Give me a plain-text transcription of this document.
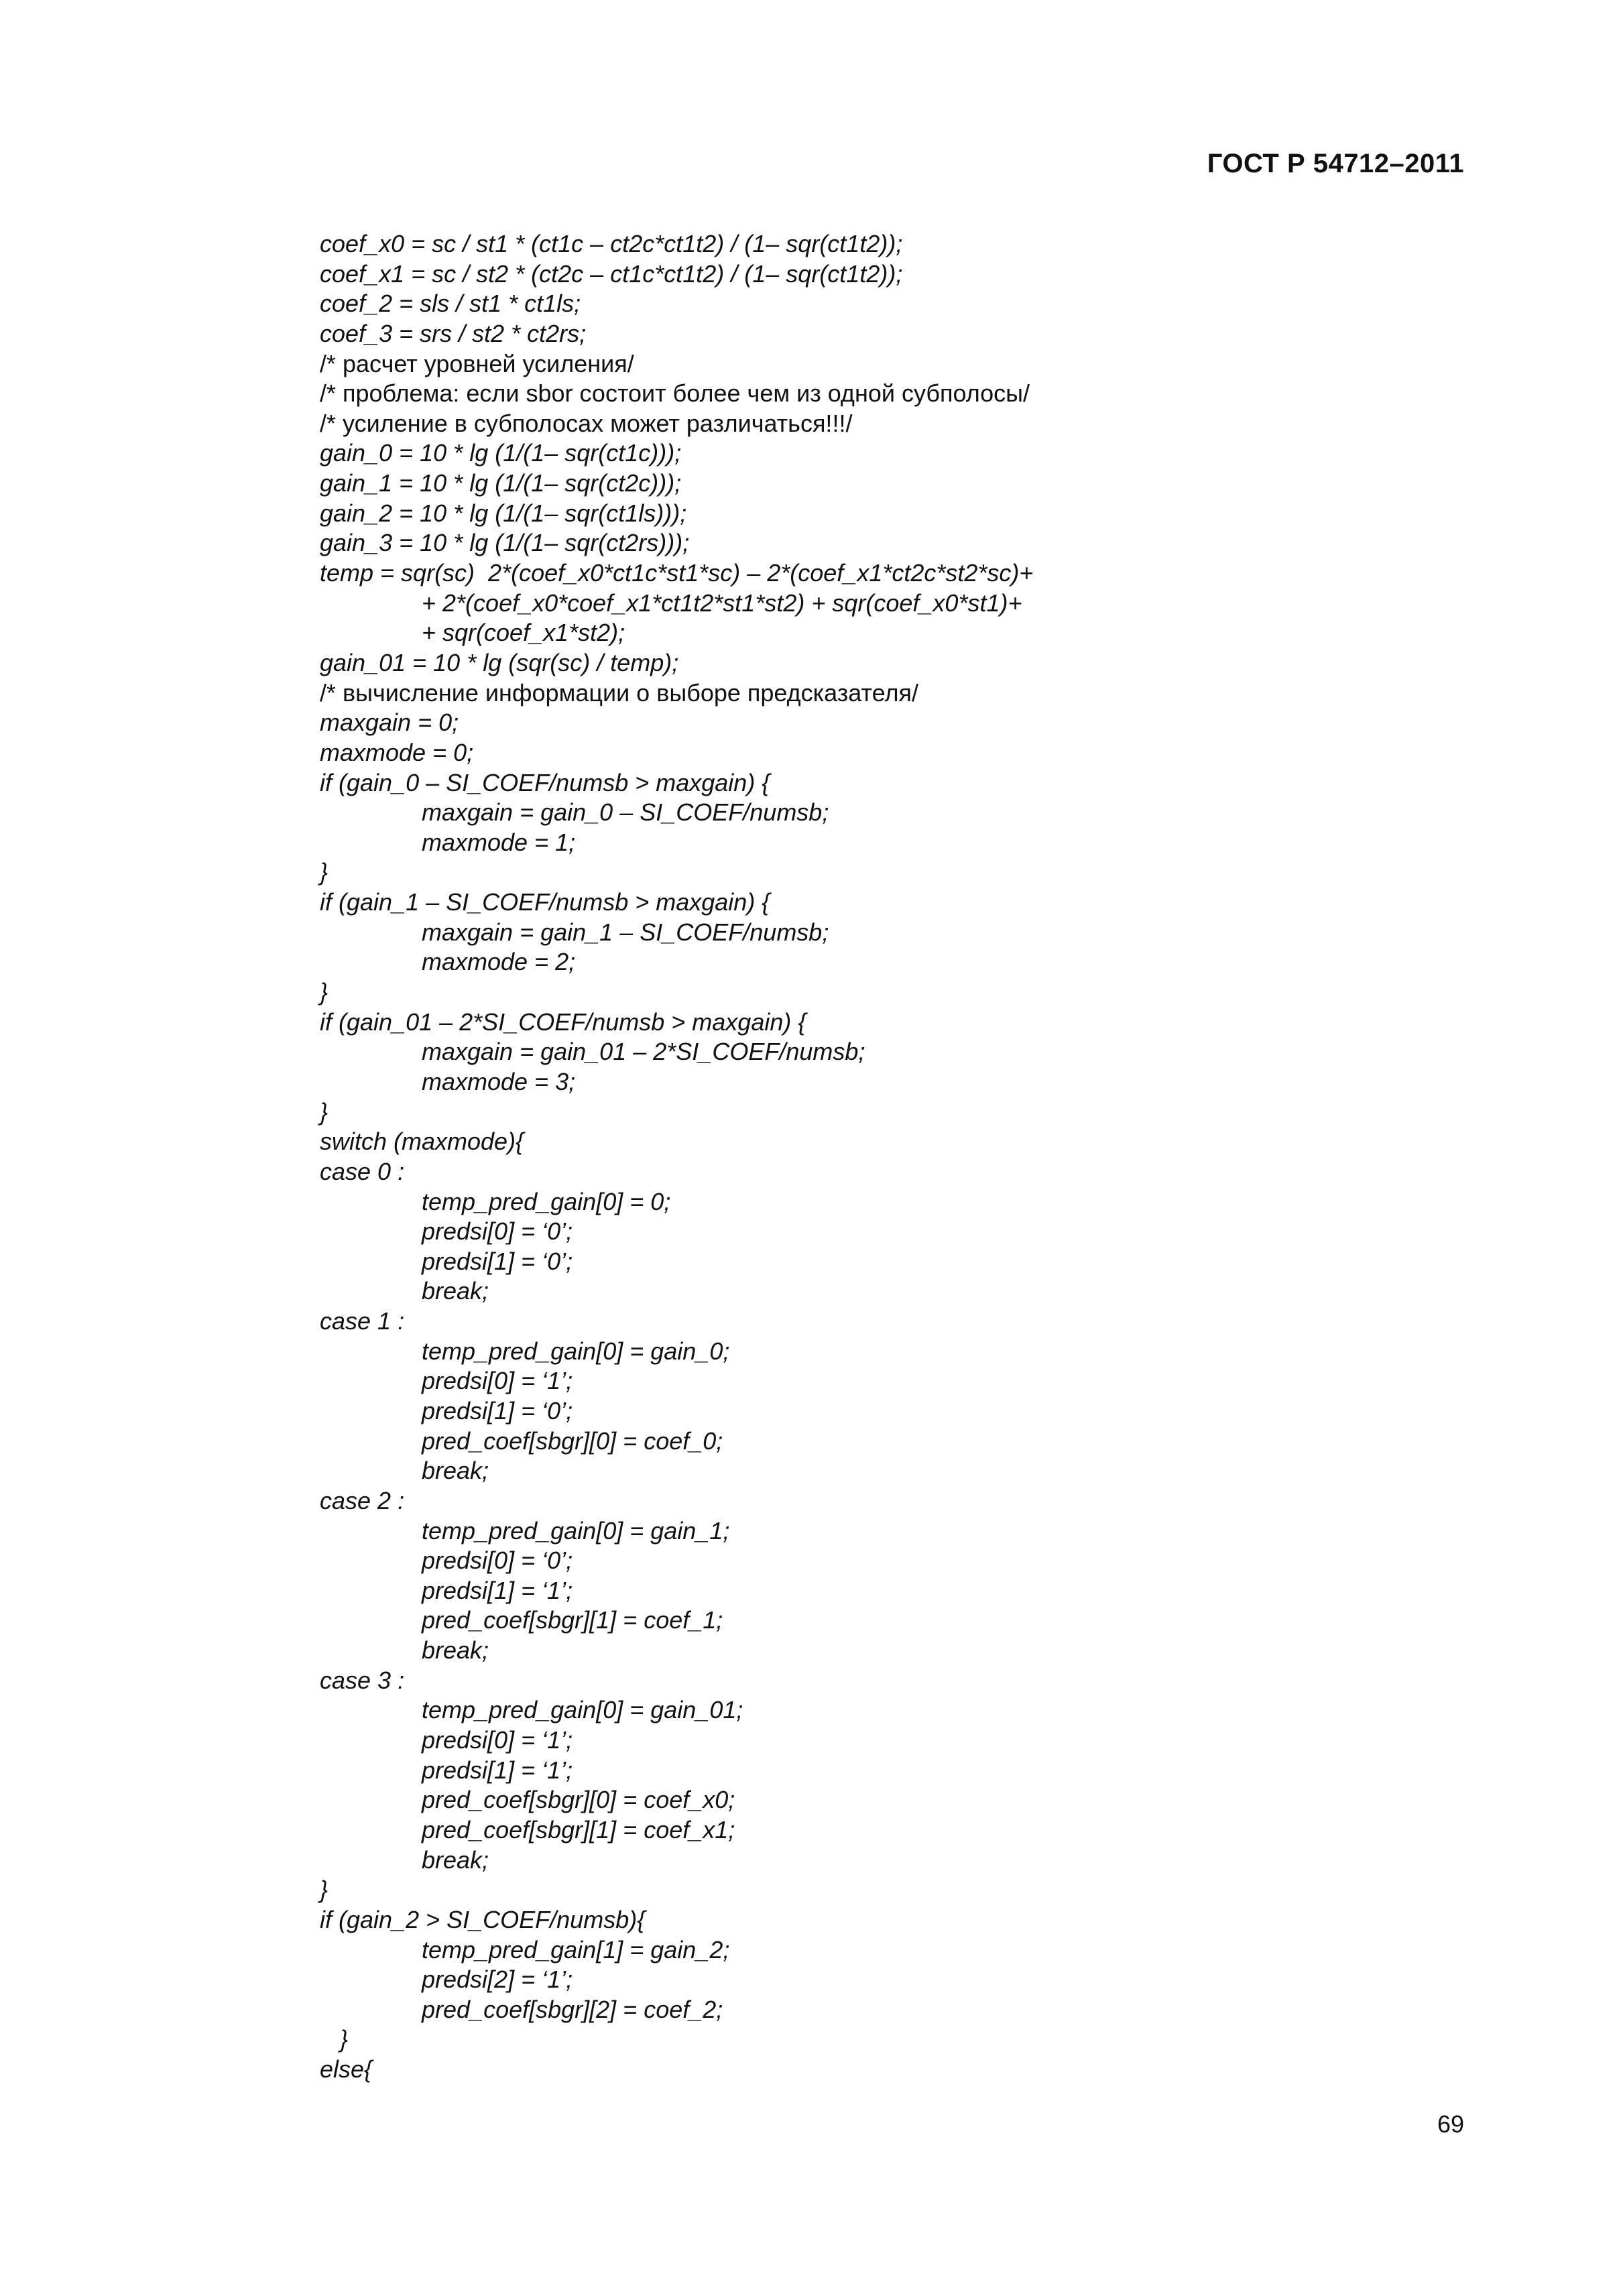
ГОСТ Р 54712–2011
coef_x0 = sc / st1 * (ct1c – ct2c*ct1t2) / (1– sqr(ct1t2));
coef_x1 = sc / st2 * (ct2c – ct1c*ct1t2) / (1– sqr(ct1t2));
coef_2 = sls / st1 * ct1ls;
coef_3 = srs / st2 * ct2rs;
/* расчет уровней усиления/
/* проблема: если sbor состоит более чем из одной субполосы/
/* усиление в субполосах может различаться!!!/
gain_0 = 10 * lg (1/(1– sqr(ct1c)));
gain_1 = 10 * lg (1/(1– sqr(ct2c)));
gain_2 = 10 * lg (1/(1– sqr(ct1ls)));
gain_3 = 10 * lg (1/(1– sqr(ct2rs)));
temp = sqr(sc)  2*(coef_x0*ct1c*st1*sc) – 2*(coef_x1*ct2c*st2*sc)+
+ 2*(coef_x0*coef_x1*ct1t2*st1*st2) + sqr(coef_x0*st1)+
+ sqr(coef_x1*st2);
gain_01 = 10 * lg (sqr(sc) / temp);
/* вычисление информации о выборе предсказателя/
maxgain = 0;
maxmode = 0;
if (gain_0 – SI_COEF/numsb > maxgain) {
maxgain = gain_0 – SI_COEF/numsb;
maxmode = 1;
}
if (gain_1 – SI_COEF/numsb > maxgain) {
maxgain = gain_1 – SI_COEF/numsb;
maxmode = 2;
}
if (gain_01 – 2*SI_COEF/numsb > maxgain) {
maxgain = gain_01 – 2*SI_COEF/numsb;
maxmode = 3;
}
switch (maxmode){
case 0 :
temp_pred_gain[0] = 0;
predsi[0] = ‘0’;
predsi[1] = ‘0’;
break;
case 1 :
temp_pred_gain[0] = gain_0;
predsi[0] = ‘1’;
predsi[1] = ‘0’;
pred_coef[sbgr][0] = coef_0;
break;
case 2 :
temp_pred_gain[0] = gain_1;
predsi[0] = ‘0’;
predsi[1] = ‘1’;
pred_coef[sbgr][1] = coef_1;
break;
case 3 :
temp_pred_gain[0] = gain_01;
predsi[0] = ‘1’;
predsi[1] = ‘1’;
pred_coef[sbgr][0] = coef_x0;
pred_coef[sbgr][1] = coef_x1;
break;
}
if (gain_2 > SI_COEF/numsb){
temp_pred_gain[1] = gain_2;
predsi[2] = ‘1’;
pred_coef[sbgr][2] = coef_2;
}
else{
69
